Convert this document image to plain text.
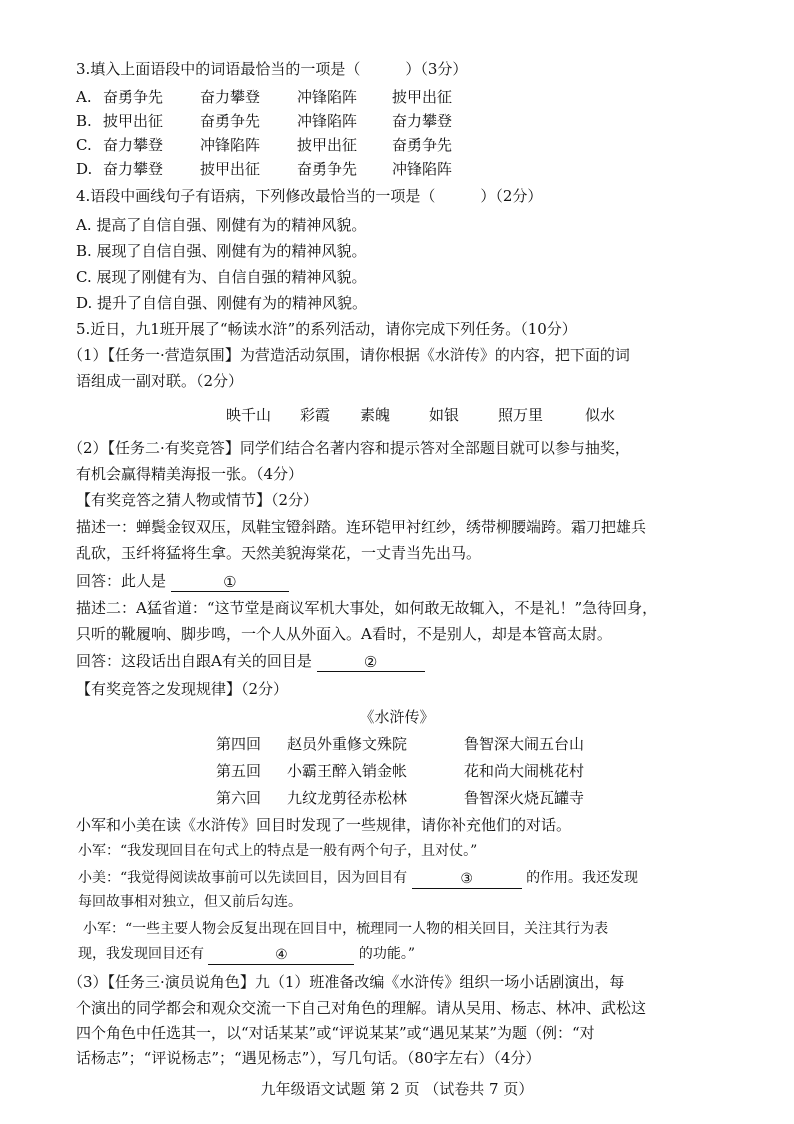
3.填入上面语段中的词语最恰当的一项是（　　　）（3分）
A. 奋勇争先 奋力攀登 冲锋陷阵 披甲出征
B. 披甲出征 奋勇争先 冲锋陷阵 奋力攀登
C. 奋力攀登 冲锋陷阵 披甲出征 奋勇争先
D. 奋力攀登 披甲出征 奋勇争先 冲锋陷阵
4.语段中画线句子有语病，下列修改最恰当的一项是（　　　）（2分）
A. 提高了自信自强、刚健有为的精神风貌。
B. 展现了自信自强、刚健有为的精神风貌。
C. 展现了刚健有为、自信自强的精神风貌。
D. 提升了自信自强、刚健有为的精神风貌。
5.近日，九1班开展了“畅读水浒”的系列活动，请你完成下列任务。（10分）
（1）【任务一·营造氛围】为营造活动氛围，请你根据《水浒传》的内容，把下面的词
语组成一副对联。（2分）
映千山 彩霞 素魄	如银	照万里	似水
（2）【任务二·有奖竞答】同学们结合名著内容和提示答对全部题目就可以参与抽奖，
有机会赢得精美海报一张。（4分）
【有奖竞答之猜人物或情节】（2分）
描述一：蝉鬓金钗双压，凤鞋宝镫斜踏。连环铠甲衬红纱，绣带柳腰端跨。霜刀把雄兵
乱砍，玉纤将猛将生拿。天然美貌海棠花，一丈青当先出马。
回答：此人是	①
描述二：A猛省道：“这节堂是商议军机大事处，如何敢无故辄入，不是礼！”急待回身，
只听的靴履响、脚步鸣，一个人从外面入。A看时，不是别人，却是本管高太尉。
回答：这段话出自跟A有关的回目是	②
【有奖竞答之发现规律】（2分）
《水浒传》
第四回 赵员外重修文殊院	鲁智深大闹五台山
第五回 小霸王醉入销金帐	花和尚大闹桃花村
第六回 九纹龙剪径赤松林	鲁智深火烧瓦罐寺
小军和小美在读《水浒传》回目时发现了一些规律，请你补充他们的对话。
小军：“我发现回目在句式上的特点是一般有两个句子，且对仗。”
小美：“我觉得阅读故事前可以先读回目，因为回目有	③	的作用。我还发现
每回故事相对独立，但又前后勾连。
小军：“一些主要人物会反复出现在回目中，梳理同一人物的相关回目，关注其行为表
现，我发现回目还有	④	的功能。”
（3）【任务三·演员说角色】九（1）班准备改编《水浒传》组织一场小话剧演出，每
个演出的同学都会和观众交流一下自己对角色的理解。请从吴用、杨志、林冲、武松这
四个角色中任选其一，以“对话某某”或“评说某某”或“遇见某某”为题（例：“对
话杨志”；“评说杨志”；“遇见杨志”），写几句话。（80字左右）（4分）
九年级语文试题 第 2 页 （试卷共 7 页）
